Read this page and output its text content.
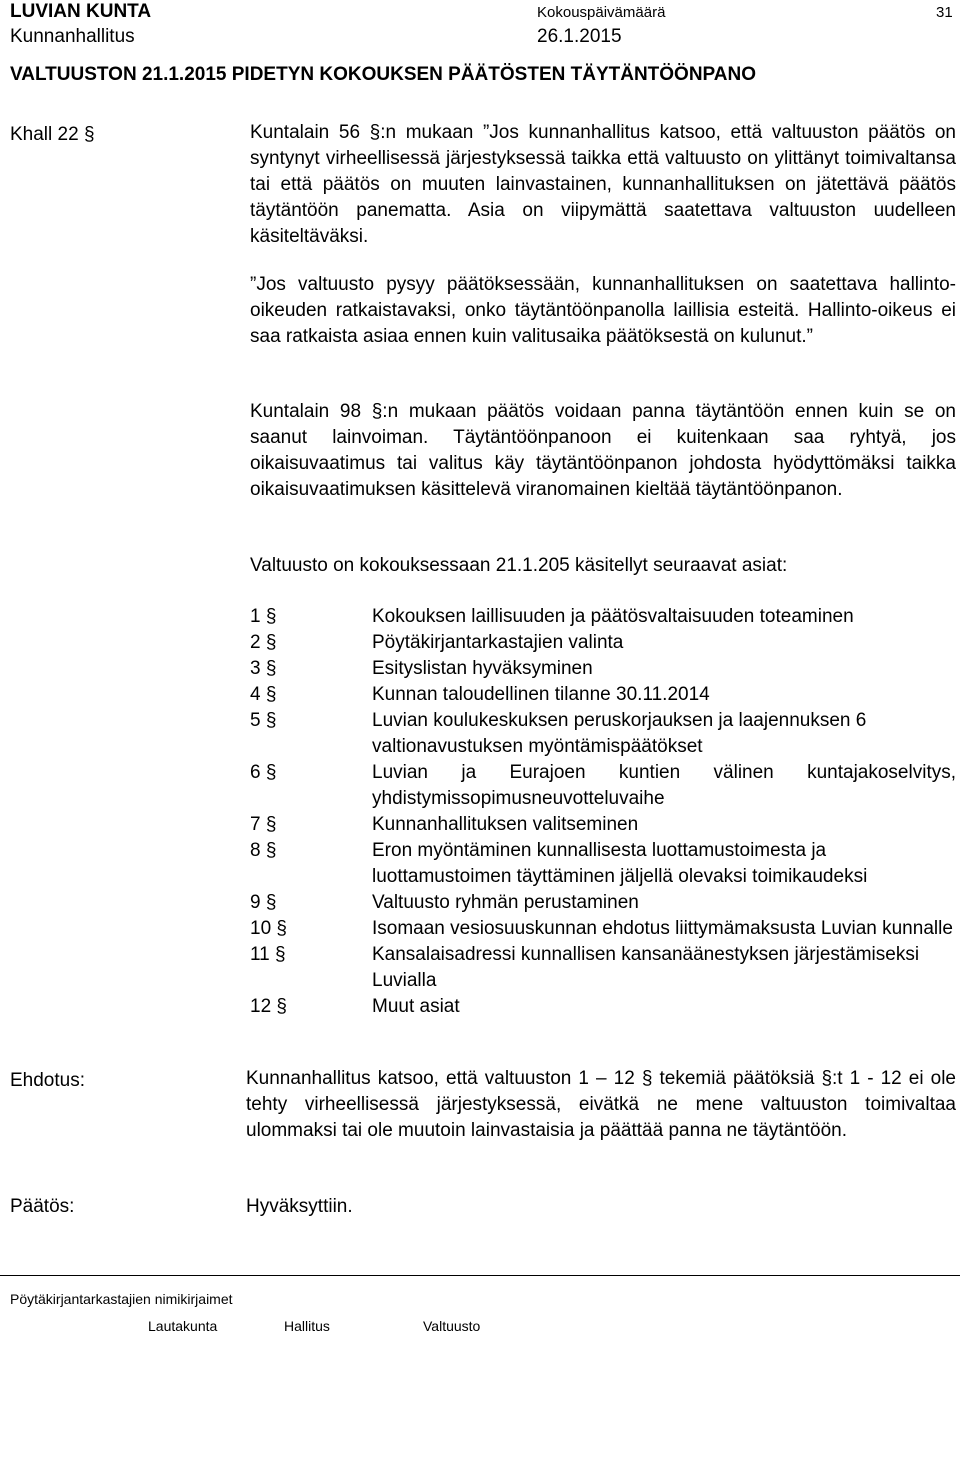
LUVIAN KUNTA
Kunnanhallitus
Kokouspäivämäärä
26.1.2015
31
VALTUUSTON 21.1.2015 PIDETYN KOKOUKSEN PÄÄTÖSTEN TÄYTÄNTÖÖNPANO
Khall 22 §	Kuntalain 56 §:n mukaan ”Jos kunnanhallitus katsoo, että valtuuston päätös on syntynyt virheellisessä järjestyksessä taikka että valtuusto on ylittänyt toimivaltansa tai että päätös on muuten lainvastainen, kunnanhallituksen on jätettävä päätös täytäntöön panematta. Asia on viipymättä saatettava valtuuston uudelleen käsiteltäväksi.

”Jos valtuusto pysyy päätöksessään, kunnanhallituksen on saatettava hallinto-oikeuden ratkaistavaksi, onko täytäntöönpanolla laillisia esteitä. Hallinto-oikeus ei saa ratkaista asiaa ennen kuin valitusaika päätöksestä on kulunut.”

Kuntalain 98 §:n mukaan päätös voidaan panna täytäntöön ennen kuin se on saanut lainvoiman. Täytäntöönpanoon ei kuitenkaan saa ryhtyä, jos oikaisuvaatimus tai valitus käy täytäntöönpanon johdosta hyödyttömäksi taikka oikaisuvaatimuksen käsittelevä viranomainen kieltää täytäntöönpanon.

Valtuusto on kokouksessaan 21.1.205 käsitellyt seuraavat asiat:

1 §	Kokouksen laillisuuden ja päätösvaltaisuuden toteaminen
2 §	Pöytäkirjantarkastajien valinta
3 §	Esityslistan hyväksyminen
4 §	Kunnan taloudellinen tilanne 30.11.2014
5 §	Luvian koulukeskuksen peruskorjauksen ja laajennuksen 6 valtionavustuksen myöntämispäätökset
6 §	Luvian ja Eurajoen kuntien välinen kuntajakoselvitys, yhdistymissopimusneuvotteluvaihe
7 §	Kunnanhallituksen valitseminen
8 §	Eron myöntäminen kunnallisesta luottamustoimesta ja luottamustoimen täyttäminen jäljellä olevaksi toimikaudeksi
9 §	Valtuusto ryhmän perustaminen
10 §	Isomaan vesiosuuskunnan ehdotus liittymämaksusta Luvian kunnalle
11 §	Kansalaisadressi kunnallisen kansanäänestyksen järjestämiseksi Luvialla
12 §	Muut asiat
Ehdotus:	Kunnanhallitus katsoo, että valtuuston 1 – 12 § tekemiä päätöksiä §:t 1 - 12 ei ole tehty virheellisessä järjestyksessä, eivätkä ne mene valtuuston toimivaltaa ulommaksi tai ole muutoin lainvastaisia ja päättää panna ne täytäntöön.

Päätös:	Hyväksyttiin.
Pöytäkirjantarkastajien nimikirjaimet
Lautakunta	Hallitus	Valtuusto
